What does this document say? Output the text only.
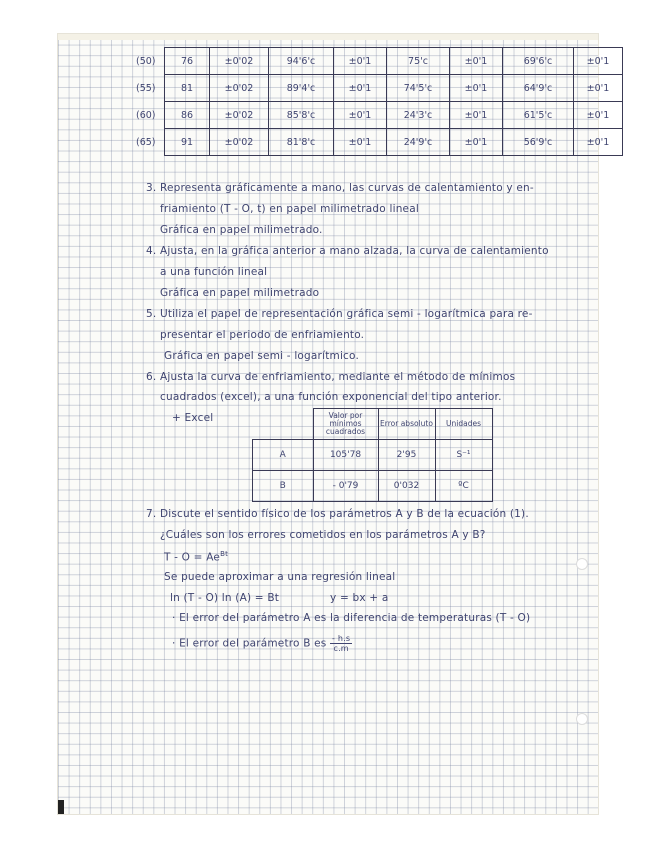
(50)	76	±0'02	94'6'c	±0'1	75'c	±0'1	69'6'c	±0'1
(55)	81	±0'02	89'4'c	±0'1	74'5'c	±0'1	64'9'c	±0'1
(60)	86	±0'02	85'8'c	±0'1	24'3'c	±0'1	61'5'c	±0'1
(65)	91	±0'02	81'8'c	±0'1	24'9'c	±0'1	56'9'c	±0'1
3. Representa gráficamente a mano, las curvas de calentamiento y en-
friamiento (T - O, t) en papel milimetrado lineal
Gráfica en papel milimetrado.
4. Ajusta, en la gráfica anterior a mano alzada, la curva de calentamiento
a una función lineal
Gráfica en papel milimetrado
5. Utiliza el papel de representación gráfica semi - logarítmica para re-
presentar el periodo de enfriamiento.
Gráfica en papel semi - logarítmico.
6. Ajusta la curva de enfriamiento, mediante el método de mínimos
cuadrados (excel), a una función exponencial del tipo anterior.
+ Excel
		Valor por mínimos cuadrados	Error absoluto	Unidades
A	105'78	2'95	S⁻¹
B	- 0'79	0'032	ºC
7. Discute el sentido físico de los parámetros A y B de la ecuación (1).
¿Cuáles son los errores cometidos en los parámetros A y B?
$T - O = Ae^{Bt}$
Se puede aproximar a una regresión lineal
ln (T - O) ln (A) = Bt	y = bx + a
· El error del parámetro A es la diferencia de temperaturas (T - O)
· El error del parámetro B es $\frac{- h.s}{c.m}$
